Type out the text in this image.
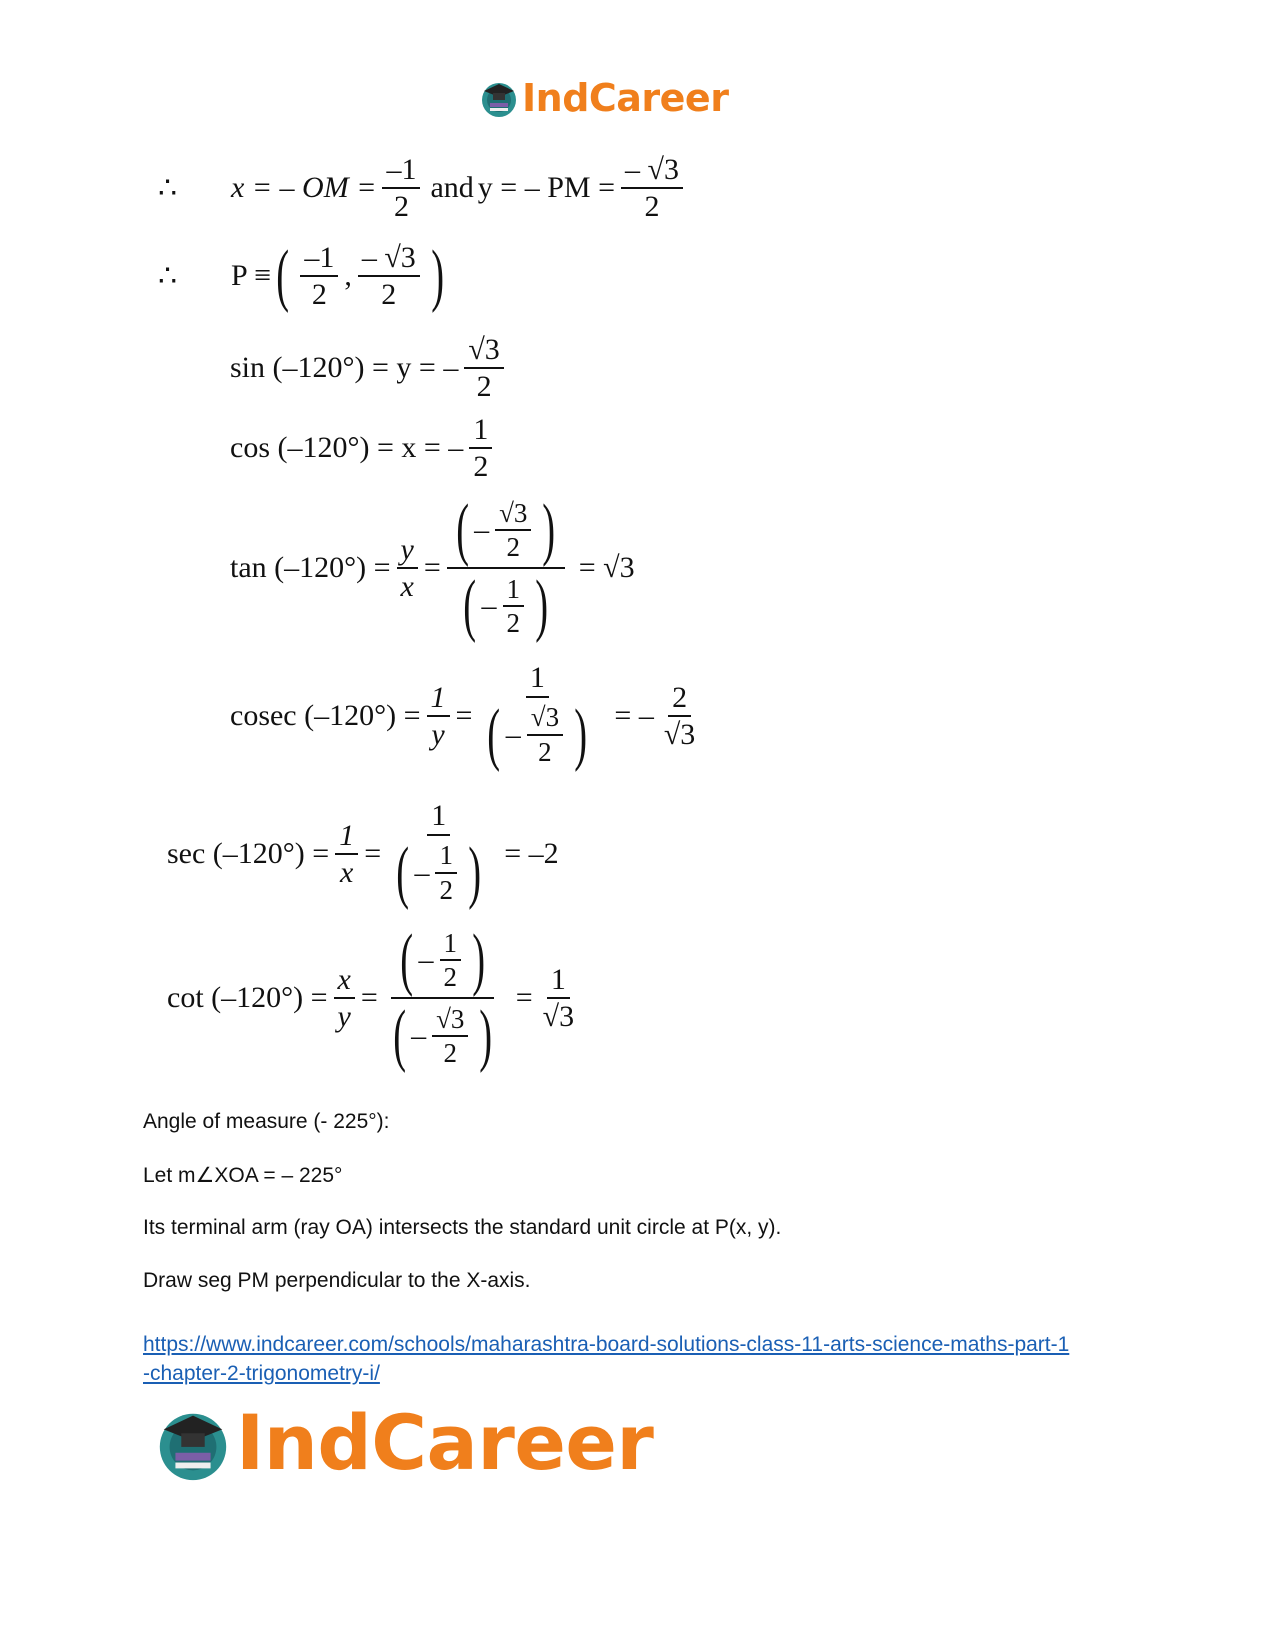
IndCareer
∴	x = – OM = $\frac{-1}{2}$ and y = – PM = $\frac{- √3}{2}$
∴	P ≡ ( $\frac{-1}{2}$ , $\frac{- √3}{2}$ )
sin (–120°) = y = – $\frac{√3}{2}$
cos (–120°) = x = – $\frac{1}{2}$
$\tan (-120^\circ) = \frac{y}{x} = \frac{( - \frac{√3}{2} )}{( - \frac{1}{2} )} = √3$
cosec $(-120^\circ) = \frac{1}{y} = \frac{1}{( - \frac{√3}{2} )}$ = – $\frac{2}{√3}$
$\sec (-120^\circ) = \frac{1}{x} = \frac{1}{( - \frac{1}{2} )} = -2$
$\cot (-120^\circ) = \frac{x}{y} = \frac{( - \frac{1}{2} )}{( - \frac{√3}{2} )} = \frac{1}{√3}$
Angle of measure (- 225°):
Let m∠XOA = – 225°
Its terminal arm (ray OA) intersects the standard unit circle at P(x, y).
Draw seg PM perpendicular to the X-axis.
https://www.indcareer.com/schools/maharashtra-board-solutions-class-11-arts-science-maths-part-1-chapter-2-trigonometry-i/
IndCareer
